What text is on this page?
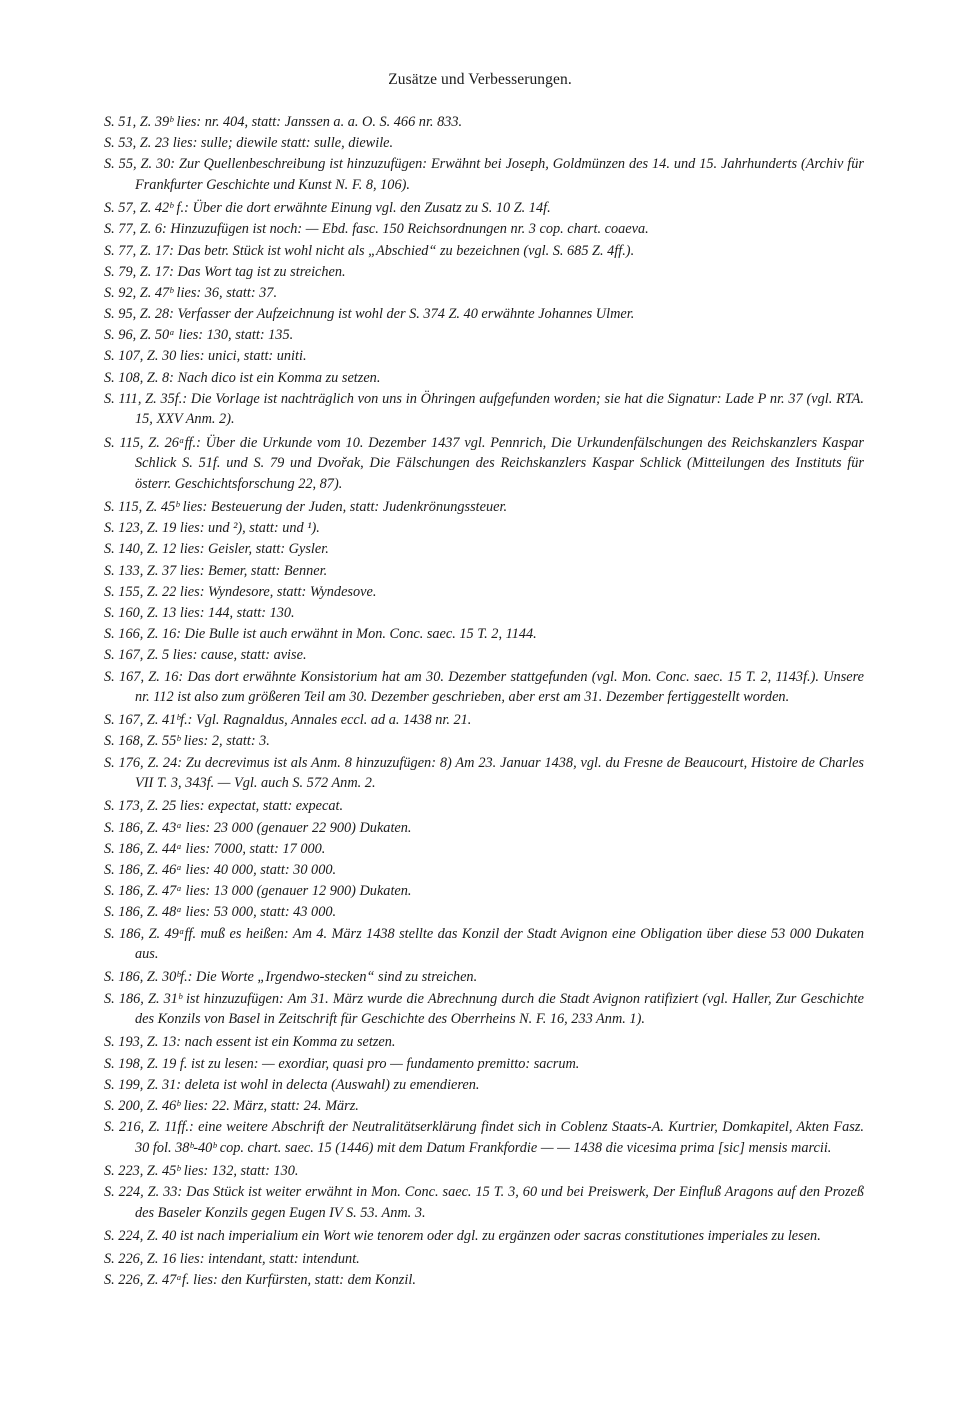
Zusätze und Verbesserungen.
S. 51, Z. 39ᵇ lies: nr. 404, statt: Janssen a. a. O. S. 466 nr. 833.
S. 53, Z. 23 lies: sulle; diewile statt: sulle, diewile.
S. 55, Z. 30: Zur Quellenbeschreibung ist hinzuzufügen: Erwähnt bei Joseph, Goldmünzen des 14. und 15. Jahrhunderts (Archiv für Frankfurter Geschichte und Kunst N. F. 8, 106).
S. 57, Z. 42ᵇ f.: Über die dort erwähnte Einung vgl. den Zusatz zu S. 10 Z. 14f.
S. 77, Z. 6: Hinzuzufügen ist noch: — Ebd. fasc. 150 Reichsordnungen nr. 3 cop. chart. coaeva.
S. 77, Z. 17: Das betr. Stück ist wohl nicht als „Abschied“ zu bezeichnen (vgl. S. 685 Z. 4ff.).
S. 79, Z. 17: Das Wort tag ist zu streichen.
S. 92, Z. 47ᵇ lies: 36, statt: 37.
S. 95, Z. 28: Verfasser der Aufzeichnung ist wohl der S. 374 Z. 40 erwähnte Johannes Ulmer.
S. 96, Z. 50ᵃ lies: 130, statt: 135.
S. 107, Z. 30 lies: unici, statt: uniti.
S. 108, Z. 8: Nach dico ist ein Komma zu setzen.
S. 111, Z. 35f.: Die Vorlage ist nachträglich von uns in Öhringen aufgefunden worden; sie hat die Signatur: Lade P nr. 37 (vgl. RTA. 15, XXV Anm. 2).
S. 115, Z. 26ᵃff.: Über die Urkunde vom 10. Dezember 1437 vgl. Pennrich, Die Urkundenfälschungen des Reichskanzlers Kaspar Schlick S. 51f. und S. 79 und Dvořak, Die Fälschungen des Reichskanzlers Kaspar Schlick (Mitteilungen des Instituts für österr. Geschichtsforschung 22, 87).
S. 115, Z. 45ᵇ lies: Besteuerung der Juden, statt: Judenkrönungssteuer.
S. 123, Z. 19 lies: und ²), statt: und ¹).
S. 140, Z. 12 lies: Geisler, statt: Gysler.
S. 133, Z. 37 lies: Bemer, statt: Benner.
S. 155, Z. 22 lies: Wyndesore, statt: Wyndesove.
S. 160, Z. 13 lies: 144, statt: 130.
S. 166, Z. 16: Die Bulle ist auch erwähnt in Mon. Conc. saec. 15 T. 2, 1144.
S. 167, Z. 5 lies: cause, statt: avise.
S. 167, Z. 16: Das dort erwähnte Konsistorium hat am 30. Dezember stattgefunden (vgl. Mon. Conc. saec. 15 T. 2, 1143f.). Unsere nr. 112 ist also zum größeren Teil am 30. Dezember geschrieben, aber erst am 31. Dezember fertiggestellt worden.
S. 167, Z. 41ᵇf.: Vgl. Ragnaldus, Annales eccl. ad a. 1438 nr. 21.
S. 168, Z. 55ᵇ lies: 2, statt: 3.
S. 176, Z. 24: Zu decrevimus ist als Anm. 8 hinzuzufügen: 8) Am 23. Januar 1438, vgl. du Fresne de Beaucourt, Histoire de Charles VII T. 3, 343f. — Vgl. auch S. 572 Anm. 2.
S. 173, Z. 25 lies: expectat, statt: expecat.
S. 186, Z. 43ᵃ lies: 23 000 (genauer 22 900) Dukaten.
S. 186, Z. 44ᵃ lies: 7000, statt: 17 000.
S. 186, Z. 46ᵃ lies: 40 000, statt: 30 000.
S. 186, Z. 47ᵃ lies: 13 000 (genauer 12 900) Dukaten.
S. 186, Z. 48ᵃ lies: 53 000, statt: 43 000.
S. 186, Z. 49ᵃff. muß es heißen: Am 4. März 1438 stellte das Konzil der Stadt Avignon eine Obligation über diese 53 000 Dukaten aus.
S. 186, Z. 30ᵇf.: Die Worte „Irgendwo-stecken“ sind zu streichen.
S. 186, Z. 31ᵇ ist hinzuzufügen: Am 31. März wurde die Abrechnung durch die Stadt Avignon ratifiziert (vgl. Haller, Zur Geschichte des Konzils von Basel in Zeitschrift für Geschichte des Oberrheins N. F. 16, 233 Anm. 1).
S. 193, Z. 13: nach essent ist ein Komma zu setzen.
S. 198, Z. 19 f. ist zu lesen: — exordiar, quasi pro — fundamento premitto: sacrum.
S. 199, Z. 31: deleta ist wohl in delecta (Auswahl) zu emendieren.
S. 200, Z. 46ᵇ lies: 22. März, statt: 24. März.
S. 216, Z. 11ff.: eine weitere Abschrift der Neutralitätserklärung findet sich in Coblenz Staats-A. Kurtrier, Domkapitel, Akten Fasz. 30 fol. 38ᵇ-40ᵇ cop. chart. saec. 15 (1446) mit dem Datum Frankfordie — — 1438 die vicesima prima [sic] mensis marcii.
S. 223, Z. 45ᵇ lies: 132, statt: 130.
S. 224, Z. 33: Das Stück ist weiter erwähnt in Mon. Conc. saec. 15 T. 3, 60 und bei Preiswerk, Der Einfluß Aragons auf den Prozeß des Baseler Konzils gegen Eugen IV S. 53. Anm. 3.
S. 224, Z. 40 ist nach imperialium ein Wort wie tenorem oder dgl. zu ergänzen oder sacras constitutiones imperiales zu lesen.
S. 226, Z. 16 lies: intendant, statt: intendunt.
S. 226, Z. 47ᵃf. lies: den Kurfürsten, statt: dem Konzil.
